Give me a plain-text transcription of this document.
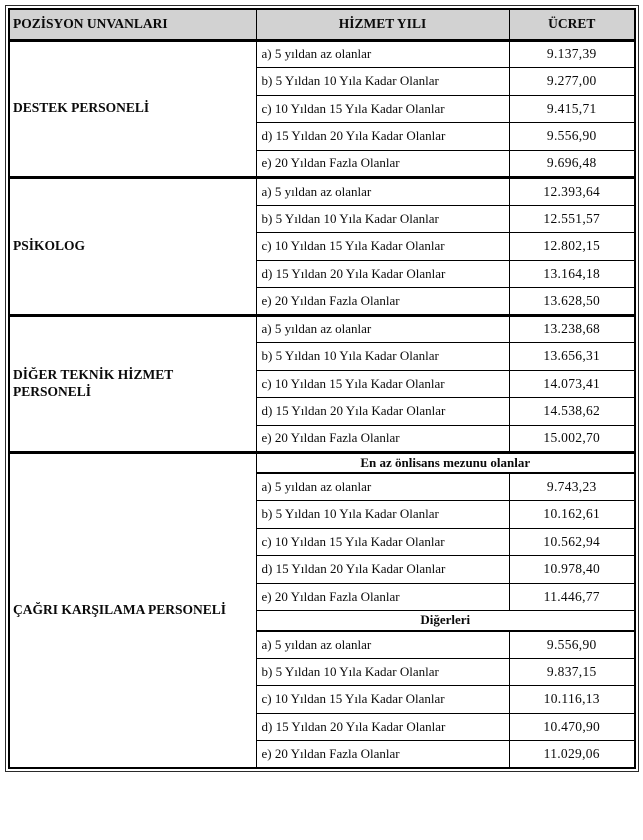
POZİSYON UNVANLARI	HİZMET YILI	ÜCRET
DESTEK PERSONELİ	a) 5 yıldan az olanlar	9.137,39
	b) 5 Yıldan 10 Yıla Kadar Olanlar	9.277,00
	c) 10 Yıldan 15 Yıla Kadar Olanlar	9.415,71
	d) 15 Yıldan 20 Yıla Kadar Olanlar	9.556,90
	e) 20 Yıldan Fazla Olanlar	9.696,48
PSİKOLOG	a) 5 yıldan az olanlar	12.393,64
	b) 5 Yıldan 10 Yıla Kadar Olanlar	12.551,57
	c) 10 Yıldan 15 Yıla Kadar Olanlar	12.802,15
	d) 15 Yıldan 20 Yıla Kadar Olanlar	13.164,18
	e) 20 Yıldan Fazla Olanlar	13.628,50
DİĞER TEKNİK HİZMET PERSONELİ	a) 5 yıldan az olanlar	13.238,68
	b) 5 Yıldan 10 Yıla Kadar Olanlar	13.656,31
	c) 10 Yıldan 15 Yıla Kadar Olanlar	14.073,41
	d) 15 Yıldan 20 Yıla Kadar Olanlar	14.538,62
	e) 20 Yıldan Fazla Olanlar	15.002,70
ÇAĞRI KARŞILAMA PERSONELİ	En az önlisans mezunu olanlar	
	a) 5 yıldan az olanlar	9.743,23
	b) 5 Yıldan 10 Yıla Kadar Olanlar	10.162,61
	c) 10 Yıldan 15 Yıla Kadar Olanlar	10.562,94
	d) 15 Yıldan 20 Yıla Kadar Olanlar	10.978,40
	e) 20 Yıldan Fazla Olanlar	11.446,77
	Diğerleri	
	a) 5 yıldan az olanlar	9.556,90
	b) 5 Yıldan 10 Yıla Kadar Olanlar	9.837,15
	c) 10 Yıldan 15 Yıla Kadar Olanlar	10.116,13
	d) 15 Yıldan 20 Yıla Kadar Olanlar	10.470,90
	e) 20 Yıldan Fazla Olanlar	11.029,06
